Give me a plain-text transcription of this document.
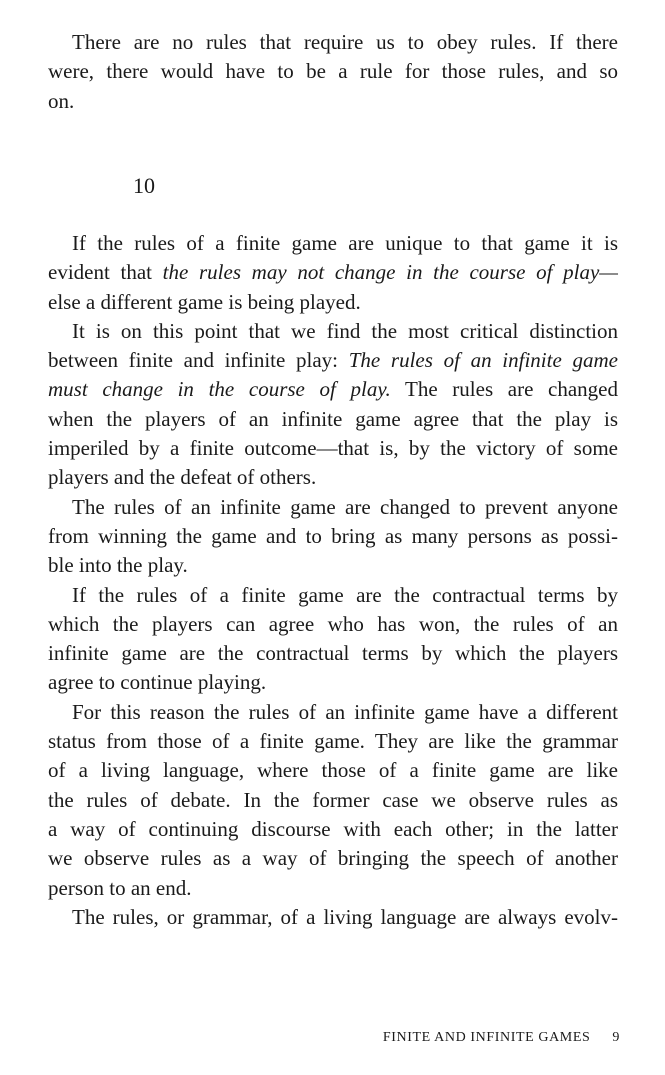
There are no rules that require us to obey rules. If there
were, there would have to be a rule for those rules, and so
on.
10
If the rules of a finite game are unique to that game it is
evident that the rules may not change in the course of play—
else a different game is being played.
It is on this point that we find the most critical distinction
between finite and infinite play: The rules of an infinite game
must change in the course of play. The rules are changed
when the players of an infinite game agree that the play is
imperiled by a finite outcome—that is, by the victory of some
players and the defeat of others.
The rules of an infinite game are changed to prevent anyone
from winning the game and to bring as many persons as possi-
ble into the play.
If the rules of a finite game are the contractual terms by
which the players can agree who has won, the rules of an
infinite game are the contractual terms by which the players
agree to continue playing.
For this reason the rules of an infinite game have a different
status from those of a finite game. They are like the grammar
of a living language, where those of a finite game are like
the rules of debate. In the former case we observe rules as
a way of continuing discourse with each other; in the latter
we observe rules as a way of bringing the speech of another
person to an end.
The rules, or grammar, of a living language are always evolv-
FINITE AND INFINITE GAMES 9
